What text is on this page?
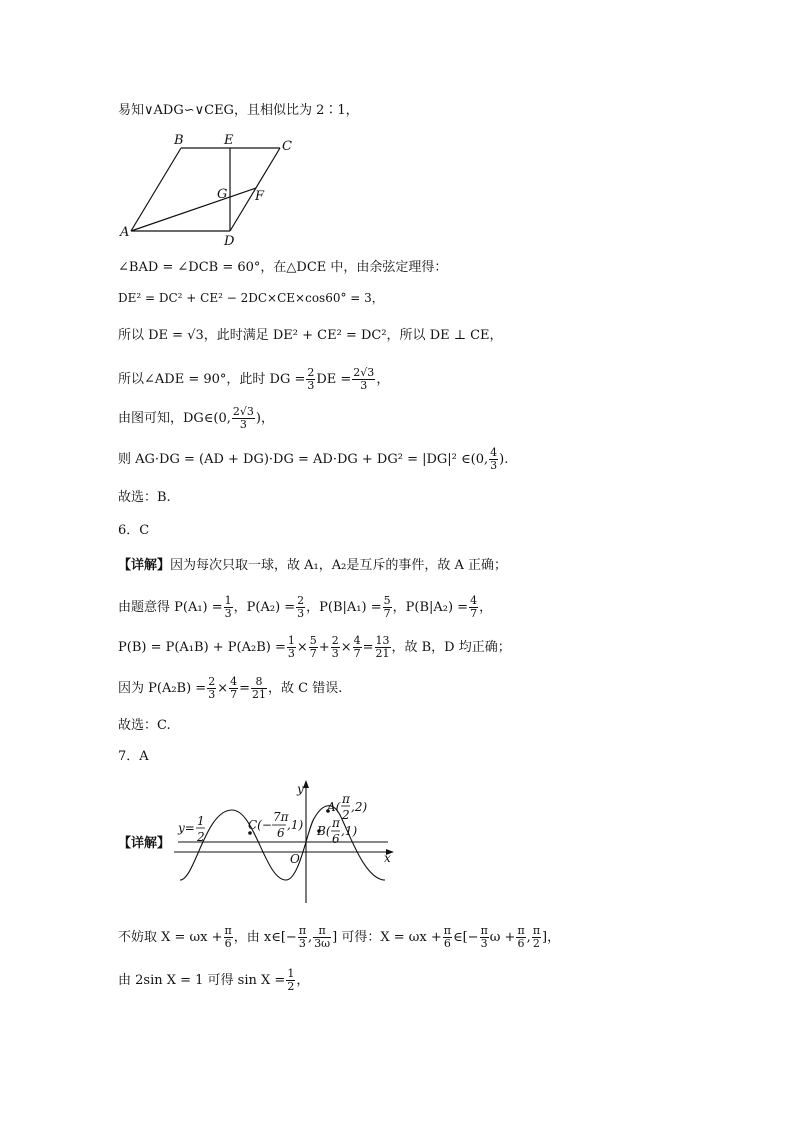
易知∨ADG∽∨CEG，且相似比为 2∶1，
A
B	E	C
G F
D
∠BAD = ∠DCB = 60°，在△DCE 中，由余弦定理得：
DE² = DC² + CE² − 2DC×CE×cos60° = 3，
所以 DE = √3，此时满足 DE² + CE² = DC²，所以 DE ⊥ CE，
所以∠ADE = 90°，此时 DG = $\frac{2}{3}$ DE = $\frac{2√3}{3}$ ，
由图可知，DG∈(0, $\frac{2√3}{3}$ )，
则 AG·DG = (AD + DG)·DG = AD·DG + DG² = |DG|² ∈(0, $\frac{4}{3}$ ).
故选：B.
6．C
【详解】因为每次只取一球，故 A₁，A₂是互斥的事件，故 A 正确；
由题意得 $P(A_1) = \frac{1}{3}$ ，$P(A_2) = \frac{2}{3}$ ，$P(B|A_1) = \frac{5}{7}$ ，$P(B|A_2) = \frac{4}{7}$ ，
$P(B) = P(A_1B) + P(A_2B) = \frac{1}{3} \times \frac{5}{7} + \frac{2}{3} \times \frac{4}{7} = \frac{13}{21}$ ，故 B，D 均正确；
因为 $P(A_2B) = \frac{2}{3} \times \frac{4}{7} = \frac{8}{21}$ ，故 C 错误.
故选：C.
7．A
【详解】
y
x
O
y= 1
2
C(−
7π
6
,1)
A(
π
2
,2)
B(
π
6
,1)
不妨取 $X = \omega x + \frac{\pi}{6}$ ，由 x∈[− $\frac{\pi}{3}$ , $\frac{\pi}{3\omega}$ ] 可得：$X = \omega x + \frac{\pi}{6}$ ∈[− $\frac{\pi}{3}$ $\omega + \frac{\pi}{6}$ , $\frac{\pi}{2}$ ]，
由 2sin X = 1 可得 $\sin X = \frac{1}{2}$ ，
